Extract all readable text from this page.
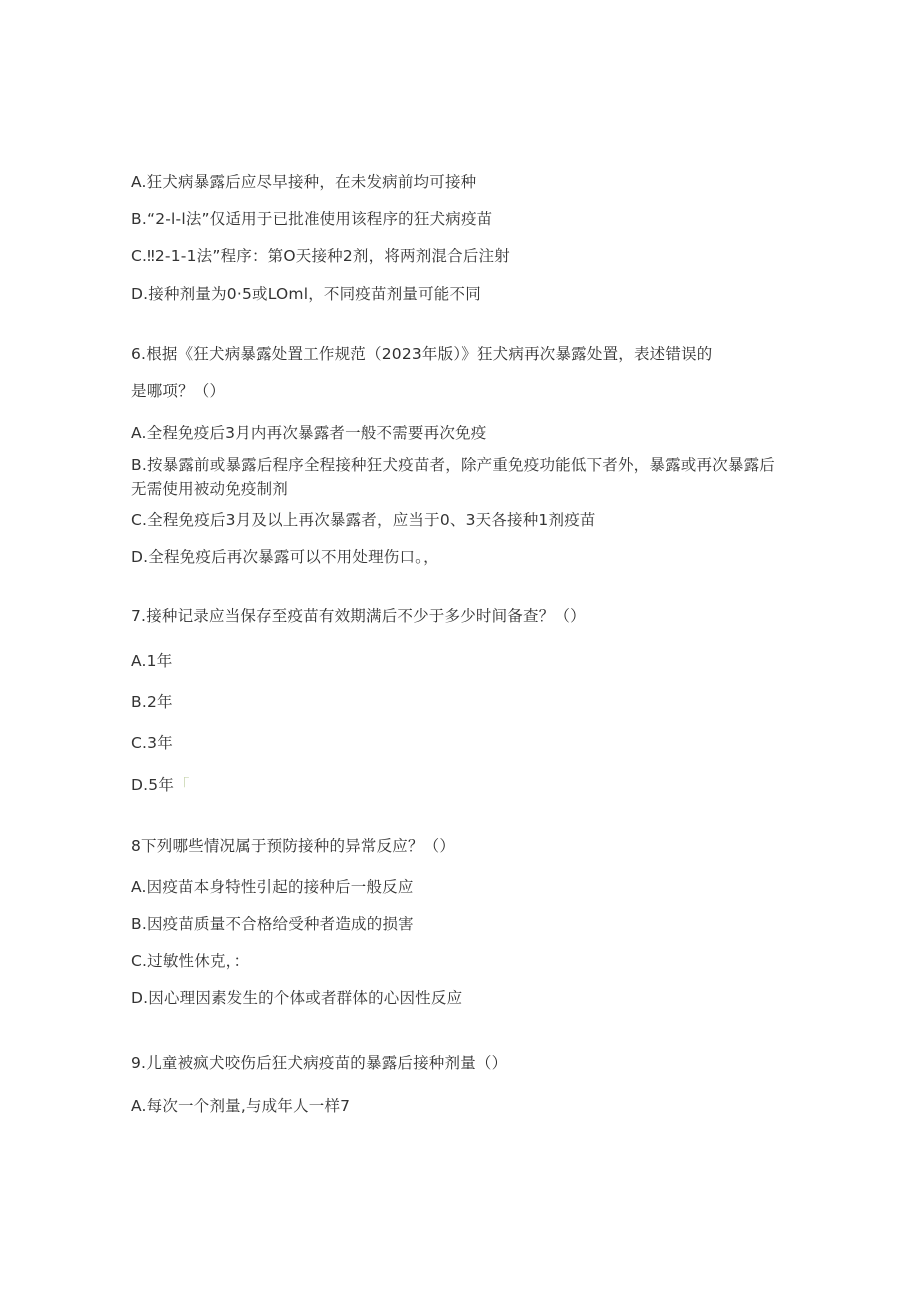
A.狂犬病暴露后应尽早接种，在未发病前均可接种
B.“2-l-l法”仅适用于已批准使用该程序的狂犬病疫苗
C.‼2-1-1法”程序：第O天接种2剂，将两剂混合后注射
D.接种剂量为0·5或LOml，不同疫苗剂量可能不同
6.根据《狂犬病暴露处置工作规范（2023年版）》狂犬病再次暴露处置，表述错误的
是哪项？（）
A.全程免疫后3月内再次暴露者一般不需要再次免疫
B.按暴露前或暴露后程序全程接种狂犬疫苗者，除产重免疫功能低下者外，暴露或再次暴露后无需使用被动免疫制剂
C.全程免疫后3月及以上再次暴露者，应当于0、3天各接种1剂疫苗
D.全程免疫后再次暴露可以不用处理伤口。，
7.接种记录应当保存至疫苗有效期满后不少于多少时间备查？（）
A.1年
B.2年
C.3年
D.5年「
8下列哪些情况属于预防接种的异常反应？（）
A.因疫苗本身特性引起的接种后一般反应
B.因疫苗质量不合格给受种者造成的损害
C.过敏性休克，：
D.因心理因素发生的个体或者群体的心因性反应
9.儿童被疯犬咬伤后狂犬病疫苗的暴露后接种剂量（）
A.每次一个剂量,与成年人一样7
